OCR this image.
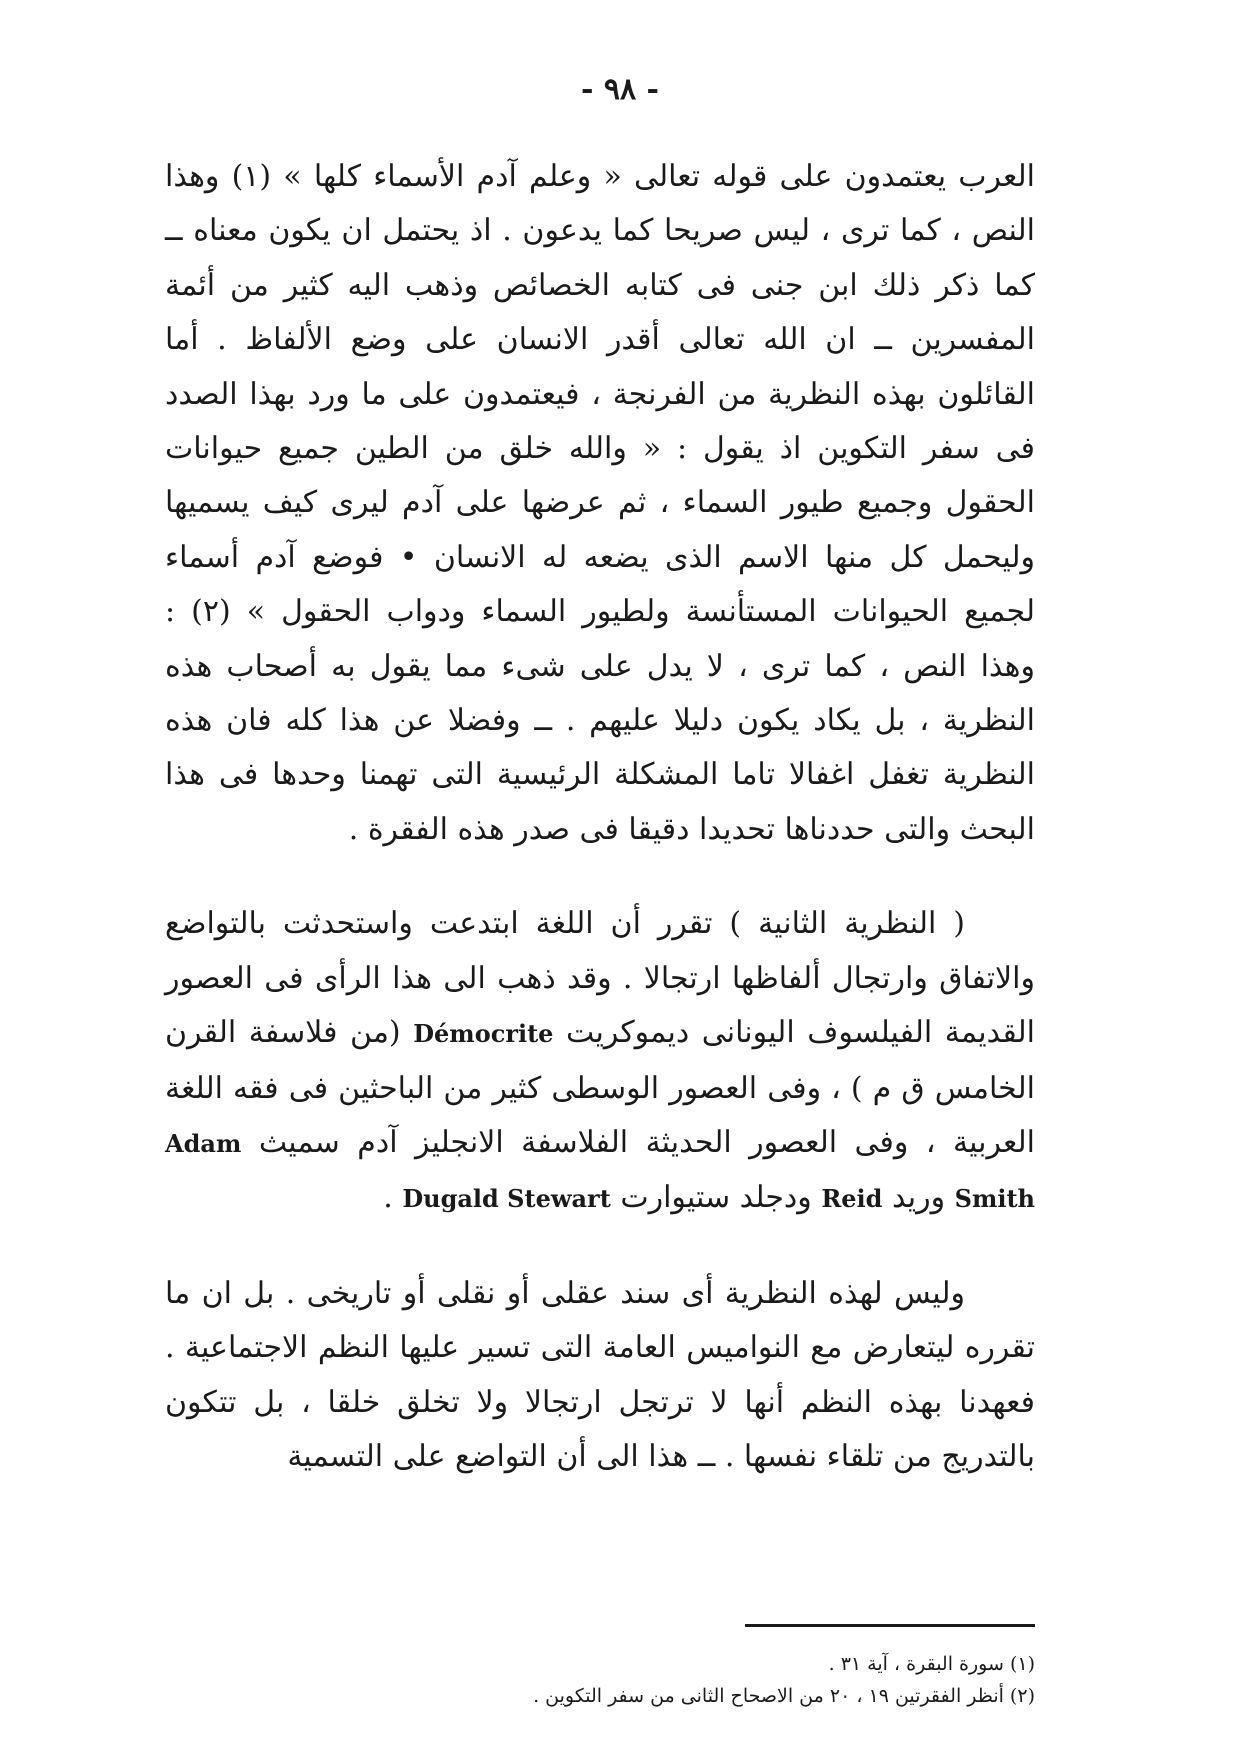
- ٩٨ -

العرب يعتمدون على قوله تعالى « وعلم آدم الأسماء كلها » (١) وهذا النص ، كما ترى ، ليس صريحا كما يدعون . اذ يحتمل ان يكون معناه ــ كما ذكر ذلك ابن جنى فى كتابه الخصائص وذهب اليه كثير من أئمة المفسرين ــ ان الله تعالى أقدر الانسان على وضع الألفاظ . أما القائلون بهذه النظرية من الفرنجة ، فيعتمدون على ما ورد بهذا الصدد فى سفر التكوين اذ يقول : « والله خلق من الطين جميع حيوانات الحقول وجميع طيور السماء ، ثم عرضها على آدم ليرى كيف يسميها وليحمل كل منها الاسم الذى يضعه له الانسان • فوضع آدم أسماء لجميع الحيوانات المستأنسة ولطيور السماء ودواب الحقول » (٢) : وهذا النص ، كما ترى ، لا يدل على شىء مما يقول به أصحاب هذه النظرية ، بل يكاد يكون دليلا عليهم . ــ وفضلا عن هذا كله فان هذه النظرية تغفل اغفالا تاما المشكلة الرئيسية التى تهمنا وحدها فى هذا البحث والتى حددناها تحديدا دقيقا فى صدر هذه الفقرة .

( النظرية الثانية ) تقرر أن اللغة ابتدعت واستحدثت بالتواضع والاتفاق وارتجال ألفاظها ارتجالا . وقد ذهب الى هذا الرأى فى العصور القديمة الفيلسوف اليونانى ديموكريت Démocrite (من فلاسفة القرن الخامس ق م ) ، وفى العصور الوسطى كثير من الباحثين فى فقه اللغة العربية ، وفى العصور الحديثة الفلاسفة الانجليز آدم سميث Adam Smith وريد Reid ودجلد ستيوارت Dugald Stewart .

وليس لهذه النظرية أى سند عقلى أو نقلى أو تاريخى . بل ان ما تقرره ليتعارض مع النواميس العامة التى تسير عليها النظم الاجتماعية . فعهدنا بهذه النظم أنها لا ترتجل ارتجالا ولا تخلق خلقا ، بل تتكون بالتدريج من تلقاء نفسها . ــ هذا الى أن التواضع على التسمية

(١) سورة البقرة ، آية ٣١ .

(٢) أنظر الفقرتين ١٩ ، ٢٠ من الاصحاح الثانى من سفر التكوين .
